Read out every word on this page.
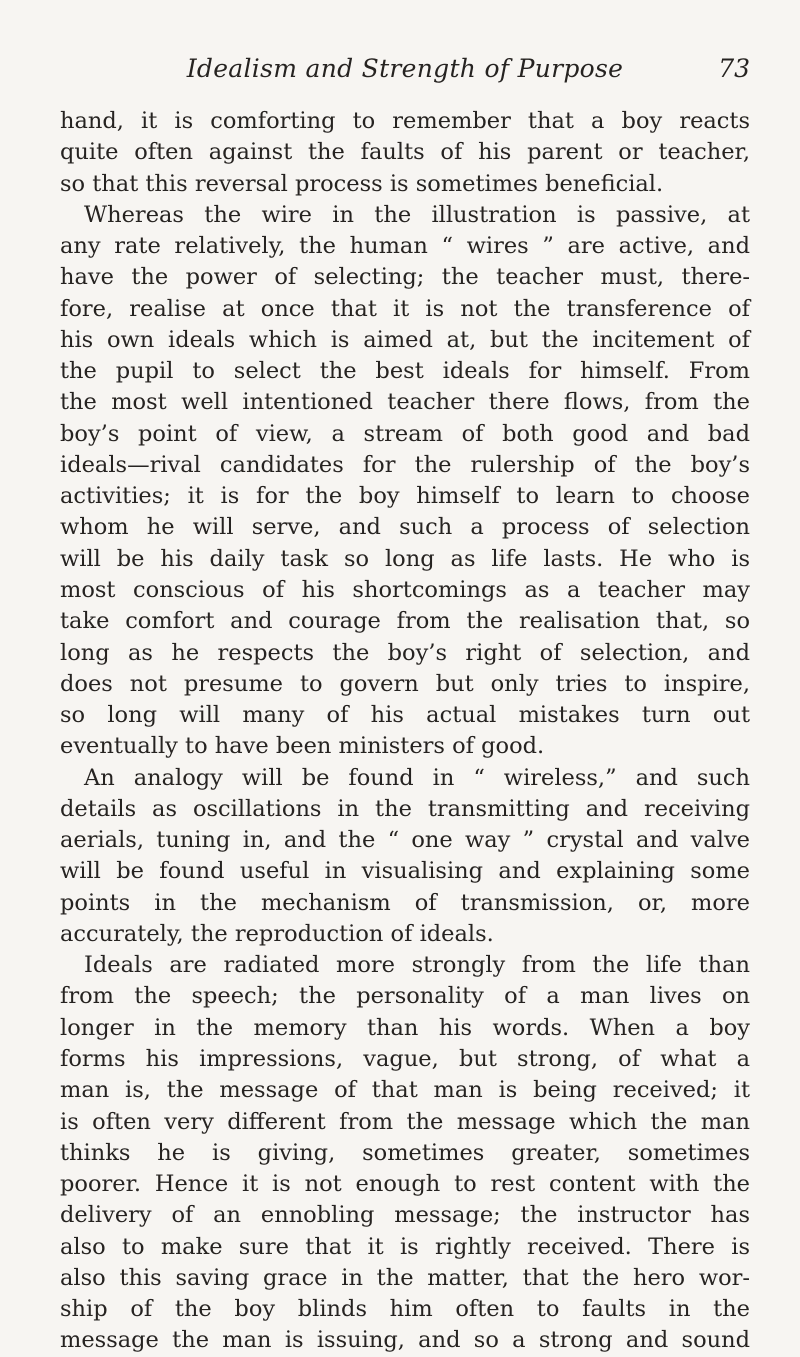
Idealism and Strength of Purpose	73
hand, it is comforting to remember that a boy reacts
quite often against the faults of his parent or teacher,
so that this reversal process is sometimes beneficial.
Whereas the wire in the illustration is passive, at
any rate relatively, the human “ wires ” are active, and
have the power of selecting; the teacher must, there-
fore, realise at once that it is not the transference of
his own ideals which is aimed at, but the incitement of
the pupil to select the best ideals for himself. From
the most well intentioned teacher there flows, from the
boy’s point of view, a stream of both good and bad
ideals—rival candidates for the rulership of the boy’s
activities; it is for the boy himself to learn to choose
whom he will serve, and such a process of selection
will be his daily task so long as life lasts. He who is
most conscious of his shortcomings as a teacher may
take comfort and courage from the realisation that, so
long as he respects the boy’s right of selection, and
does not presume to govern but only tries to inspire,
so long will many of his actual mistakes turn out
eventually to have been ministers of good.
An analogy will be found in “ wireless,” and such
details as oscillations in the transmitting and receiving
aerials, tuning in, and the “ one way ” crystal and valve
will be found useful in visualising and explaining some
points in the mechanism of transmission, or, more
accurately, the reproduction of ideals.
Ideals are radiated more strongly from the life than
from the speech; the personality of a man lives on
longer in the memory than his words. When a boy
forms his impressions, vague, but strong, of what a
man is, the message of that man is being received; it
is often very different from the message which the man
thinks he is giving, sometimes greater, sometimes
poorer. Hence it is not enough to rest content with the
delivery of an ennobling message; the instructor has
also to make sure that it is rightly received. There is
also this saving grace in the matter, that the hero wor-
ship of the boy blinds him often to faults in the
message the man is issuing, and so a strong and sound
